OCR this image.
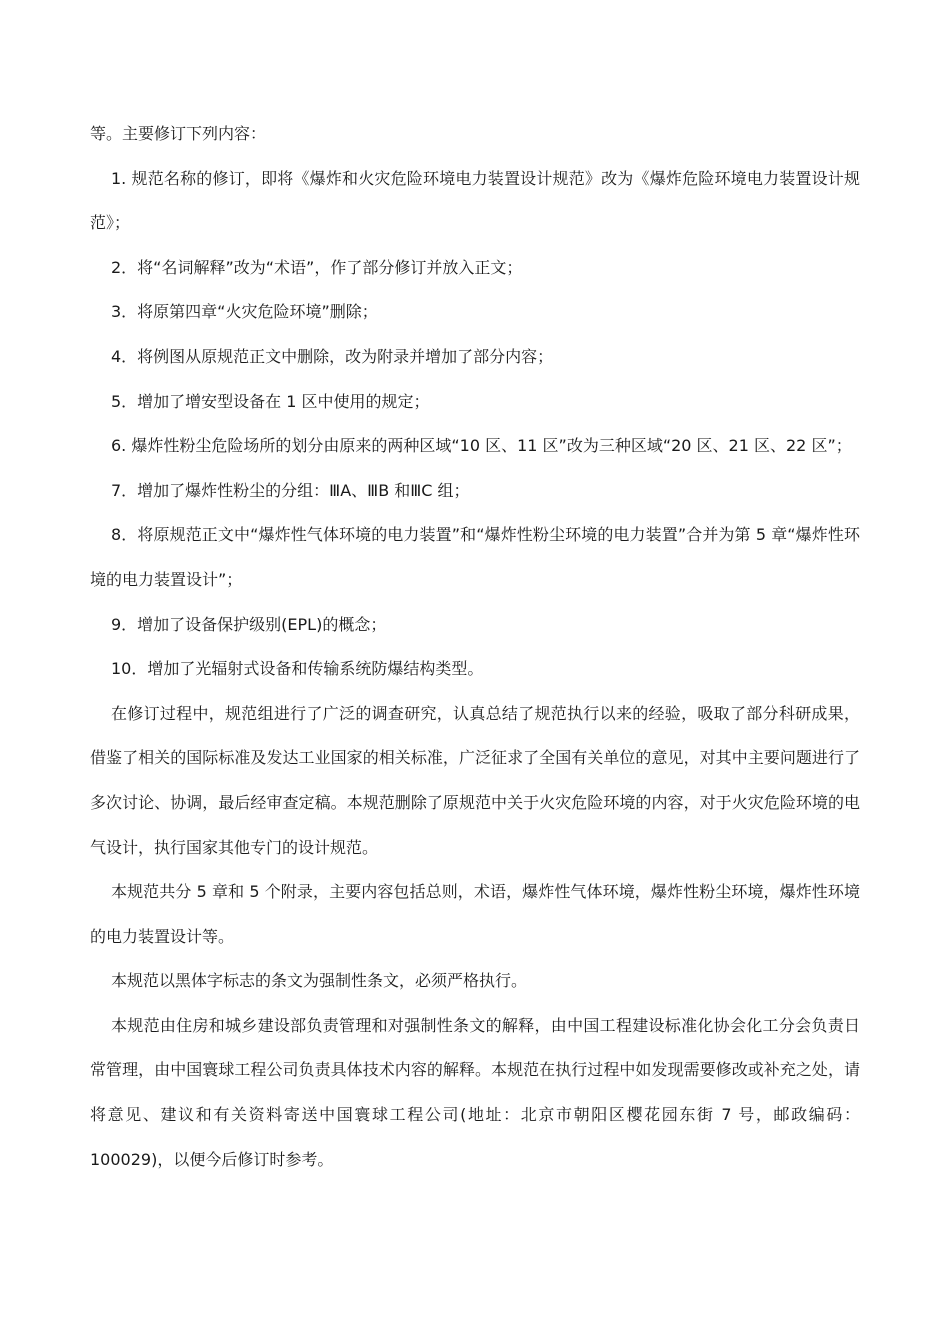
等。主要修订下列内容：

1. 规范名称的修订，即将《爆炸和火灾危险环境电力装置设计规范》改为《爆炸危险环境电力装置设计规范》；

2．将“名词解释”改为“术语”，作了部分修订并放入正文；

3．将原第四章“火灾危险环境”删除；

4．将例图从原规范正文中删除，改为附录并增加了部分内容；

5．增加了增安型设备在 1 区中使用的规定；

6. 爆炸性粉尘危险场所的划分由原来的两种区域“10 区、11 区”改为三种区域“20 区、21 区、22 区”；

7．增加了爆炸性粉尘的分组：ⅢA、ⅢB 和ⅢC 组；

8．将原规范正文中“爆炸性气体环境的电力装置”和“爆炸性粉尘环境的电力装置”合并为第 5 章“爆炸性环境的电力装置设计”；

9．增加了设备保护级别(EPL)的概念；

10．增加了光辐射式设备和传输系统防爆结构类型。

在修订过程中，规范组进行了广泛的调查研究，认真总结了规范执行以来的经验，吸取了部分科研成果，借鉴了相关的国际标准及发达工业国家的相关标准，广泛征求了全国有关单位的意见，对其中主要问题进行了多次讨论、协调，最后经审查定稿。本规范删除了原规范中关于火灾危险环境的内容，对于火灾危险环境的电气设计，执行国家其他专门的设计规范。

本规范共分 5 章和 5 个附录，主要内容包括总则，术语，爆炸性气体环境，爆炸性粉尘环境，爆炸性环境的电力装置设计等。

本规范以黑体字标志的条文为强制性条文，必须严格执行。

本规范由住房和城乡建设部负责管理和对强制性条文的解释，由中国工程建设标准化协会化工分会负责日常管理，由中国寰球工程公司负责具体技术内容的解释。本规范在执行过程中如发现需要修改或补充之处，请将意见、建议和有关资料寄送中国寰球工程公司(地址：北京市朝阳区樱花园东街 7 号，邮政编码：100029)，以便今后修订时参考。
